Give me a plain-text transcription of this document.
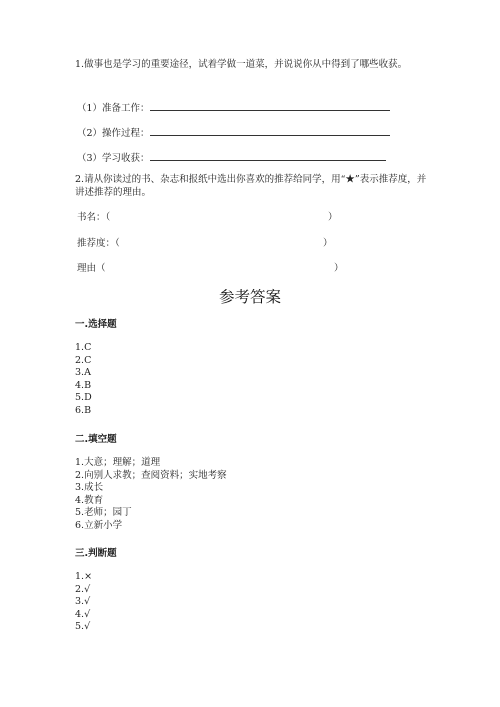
1.做事也是学习的重要途径，试着学做一道菜，并说说你从中得到了哪些收获。
（1）准备工作：
（2）操作过程：
（3）学习收获：
2.请从你读过的书、杂志和报纸中选出你喜欢的推荐给同学，用“★”表示推荐度，并讲述推荐的理由。
书名：（	）
推荐度：（	）
理由（	）
参考答案
一.选择题
1.C
2.C
3.A
4.B
5.D
6.B
二.填空题
1.大意；理解；道理
2.向别人求教；查阅资料；实地考察
3.成长
4.教育
5.老师；园丁
6.立新小学
三.判断题
1.×
2.√
3.√
4.√
5.√
